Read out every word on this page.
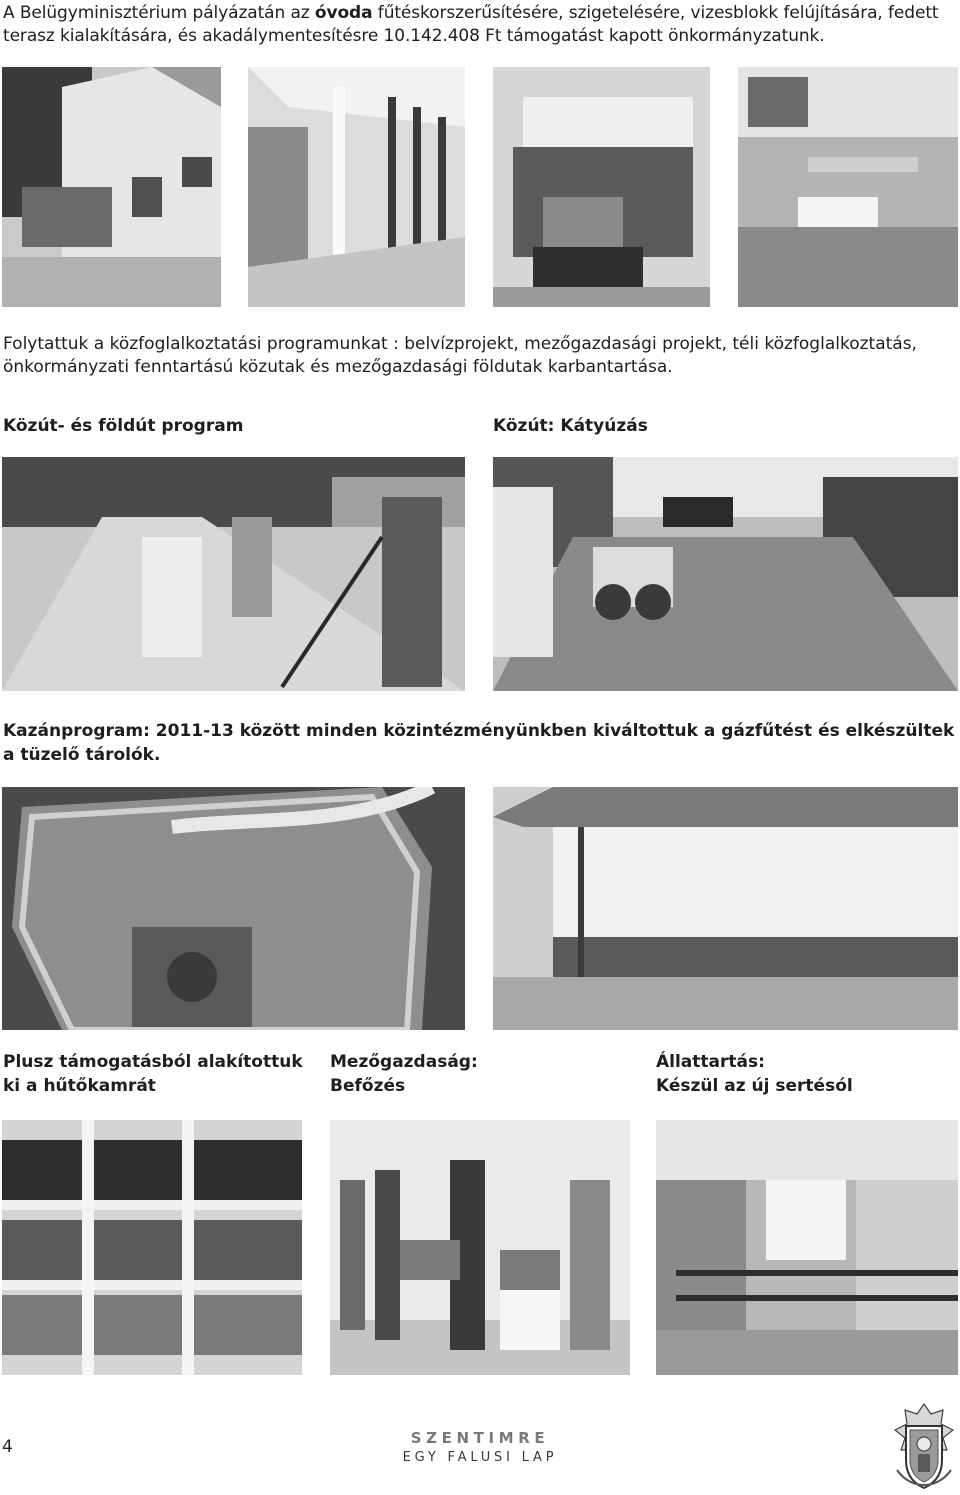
A Belügyminisztérium pályázatán az óvoda fűtéskorszerűsítésére, szigetelésére, vizesblokk felújítására, fedett terasz kialakítására, és akadálymentesítésre 10.142.408 Ft támogatást kapott önkormányzatunk.

Folytattuk a közfoglalkoztatási programunkat : belvízprojekt, mezőgazdasági projekt, téli közfoglalkoztatás, önkormányzati fenntartású közutak és mezőgazdasági földutak karbantartása.

Közút- és földút program	Közút: Kátyúzás

Kazánprogram: 2011-13 között minden közintézményünkben kiváltottuk a gázfűtést és elkészültek a tüzelő tárolók.

Plusz támogatásból alakítottuk
ki a hűtőkamrát
Mezőgazdaság:
Befőzés
Állattartás:
Készül az új sertésól
4	SZENTIMRE
EGY FALUSI LAP
